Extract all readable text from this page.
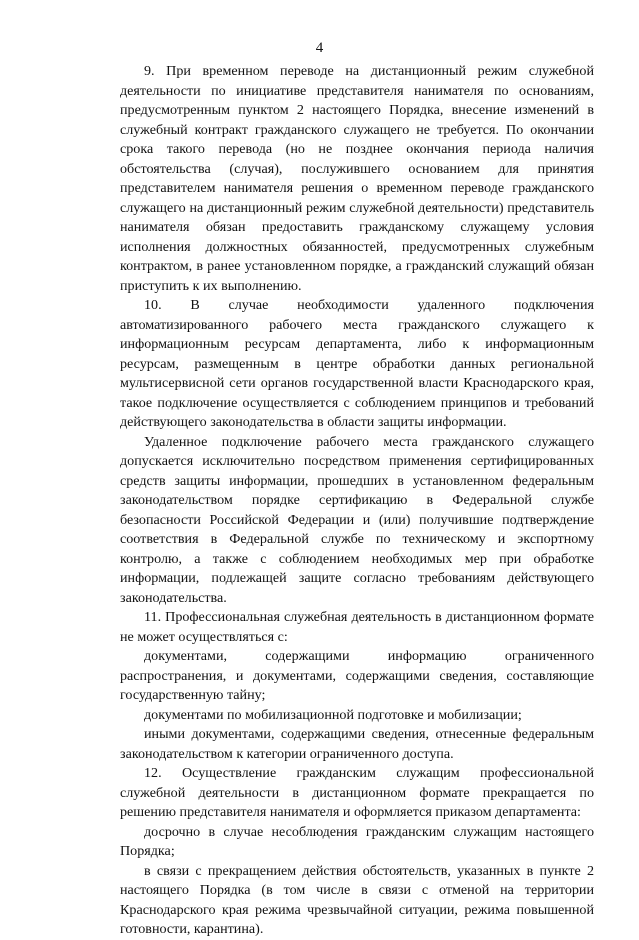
4

9. При временном переводе на дистанционный режим служебной деятельности по инициативе представителя нанимателя по основаниям, предусмотренным пунктом 2 настоящего Порядка, внесение изменений в служебный контракт гражданского служащего не требуется. По окончании срока такого перевода (но не позднее окончания периода наличия обстоятельства (случая), послужившего основанием для принятия представителем нанимателя решения о временном переводе гражданского служащего на дистанционный режим служебной деятельности) представитель нанимателя обязан предоставить гражданскому служащему условия исполнения должностных обязанностей, предусмотренных служебным контрактом, в ранее установленном порядке, а гражданский служащий обязан приступить к их выполнению.

10. В случае необходимости удаленного подключения автоматизированного рабочего места гражданского служащего к информационным ресурсам департамента, либо к информационным ресурсам, размещенным в центре обработки данных региональной мультисервисной сети органов государственной власти Краснодарского края, такое подключение осуществляется с соблюдением принципов и требований действующего законодательства в области защиты информации.

Удаленное подключение рабочего места гражданского служащего допускается исключительно посредством применения сертифицированных средств защиты информации, прошедших в установленном федеральным законодательством порядке сертификацию в Федеральной службе безопасности Российской Федерации и (или) получившие подтверждение соответствия в Федеральной службе по техническому и экспортному контролю, а также с соблюдением необходимых мер при обработке информации, подлежащей защите согласно требованиям действующего законодательства.

11. Профессиональная служебная деятельность в дистанционном формате не может осуществляться с:

документами, содержащими информацию ограниченного распространения, и документами, содержащими сведения, составляющие государственную тайну;

документами по мобилизационной подготовке и мобилизации;

иными документами, содержащими сведения, отнесенные федеральным законодательством к категории ограниченного доступа.

12. Осуществление гражданским служащим профессиональной служебной деятельности в дистанционном формате прекращается по решению представителя нанимателя и оформляется приказом департамента:

досрочно в случае несоблюдения гражданским служащим настоящего Порядка;

в связи с прекращением действия обстоятельств, указанных в пункте 2 настоящего Порядка (в том числе в связи с отменой на территории Краснодарского края режима чрезвычайной ситуации, режима повышенной готовности, карантина).
